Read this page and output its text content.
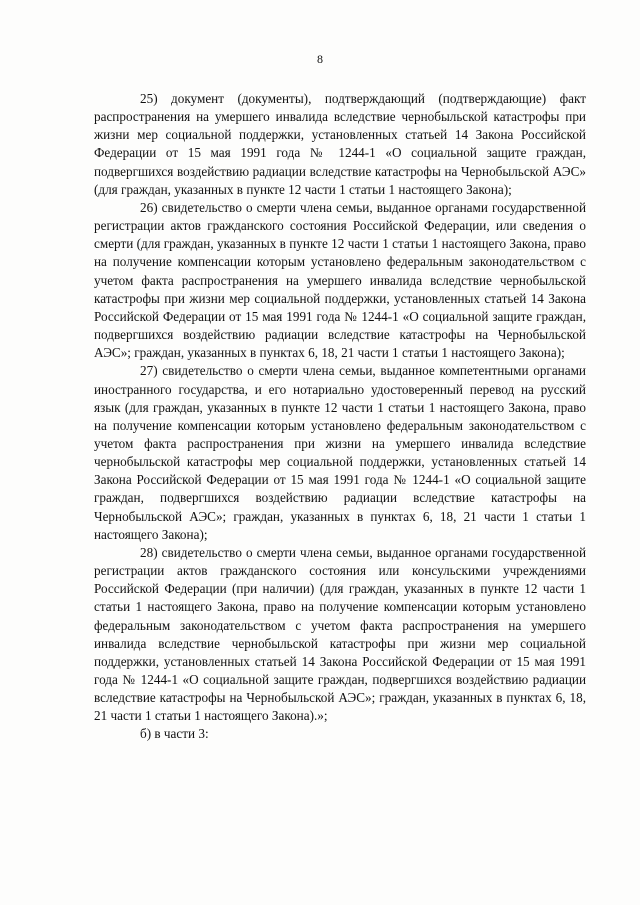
8

25) документ (документы), подтверждающий (подтверждающие) факт распространения на умершего инвалида вследствие чернобыльской катастрофы при жизни мер социальной поддержки, установленных статьей 14 Закона Российской Федерации от 15 мая 1991 года № 1244-1 «О социальной защите граждан, подвергшихся воздействию радиации вследствие катастрофы на Чернобыльской АЭС» (для граждан, указанных в пункте 12 части 1 статьи 1 настоящего Закона);

26) свидетельство о смерти члена семьи, выданное органами государственной регистрации актов гражданского состояния Российской Федерации, или сведения о смерти (для граждан, указанных в пункте 12 части 1 статьи 1 настоящего Закона, право на получение компенсации которым установлено федеральным законодательством с учетом факта распространения на умершего инвалида вследствие чернобыльской катастрофы при жизни мер социальной поддержки, установленных статьей 14 Закона Российской Федерации от 15 мая 1991 года № 1244-1 «О социальной защите граждан, подвергшихся воздействию радиации вследствие катастрофы на Чернобыльской АЭС»; граждан, указанных в пунктах 6, 18, 21 части 1 статьи 1 настоящего Закона);

27) свидетельство о смерти члена семьи, выданное компетентными органами иностранного государства, и его нотариально удостоверенный перевод на русский язык (для граждан, указанных в пункте 12 части 1 статьи 1 настоящего Закона, право на получение компенсации которым установлено федеральным законодательством с учетом факта распространения при жизни на умершего инвалида вследствие чернобыльской катастрофы мер социальной поддержки, установленных статьей 14 Закона Российской Федерации от 15 мая 1991 года № 1244-1 «О социальной защите граждан, подвергшихся воздействию радиации вследствие катастрофы на Чернобыльской АЭС»; граждан, указанных в пунктах 6, 18, 21 части 1 статьи 1 настоящего Закона);

28) свидетельство о смерти члена семьи, выданное органами государственной регистрации актов гражданского состояния или консульскими учреждениями Российской Федерации (при наличии) (для граждан, указанных в пункте 12 части 1 статьи 1 настоящего Закона, право на получение компенсации которым установлено федеральным законодательством с учетом факта распространения на умершего инвалида вследствие чернобыльской катастрофы при жизни мер социальной поддержки, установленных статьей 14 Закона Российской Федерации от 15 мая 1991 года № 1244-1 «О социальной защите граждан, подвергшихся воздействию радиации вследствие катастрофы на Чернобыльской АЭС»; граждан, указанных в пунктах 6, 18, 21 части 1 статьи 1 настоящего Закона).»;

б) в части 3:
